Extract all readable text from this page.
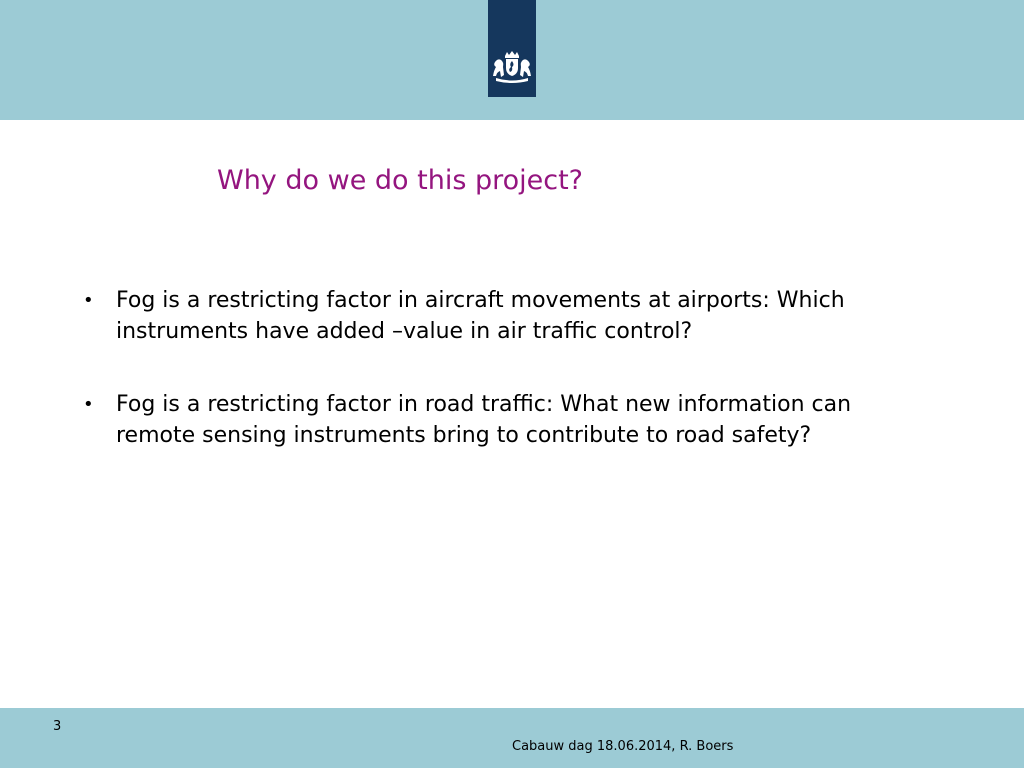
Why do we do this project?
• Fog is a restricting factor in aircraft movements at airports: Which instruments have added –value in air traffic control?
• Fog is a restricting factor in road traffic: What new information can remote sensing instruments bring to contribute to road safety?
3
Cabauw dag 18.06.2014, R. Boers
